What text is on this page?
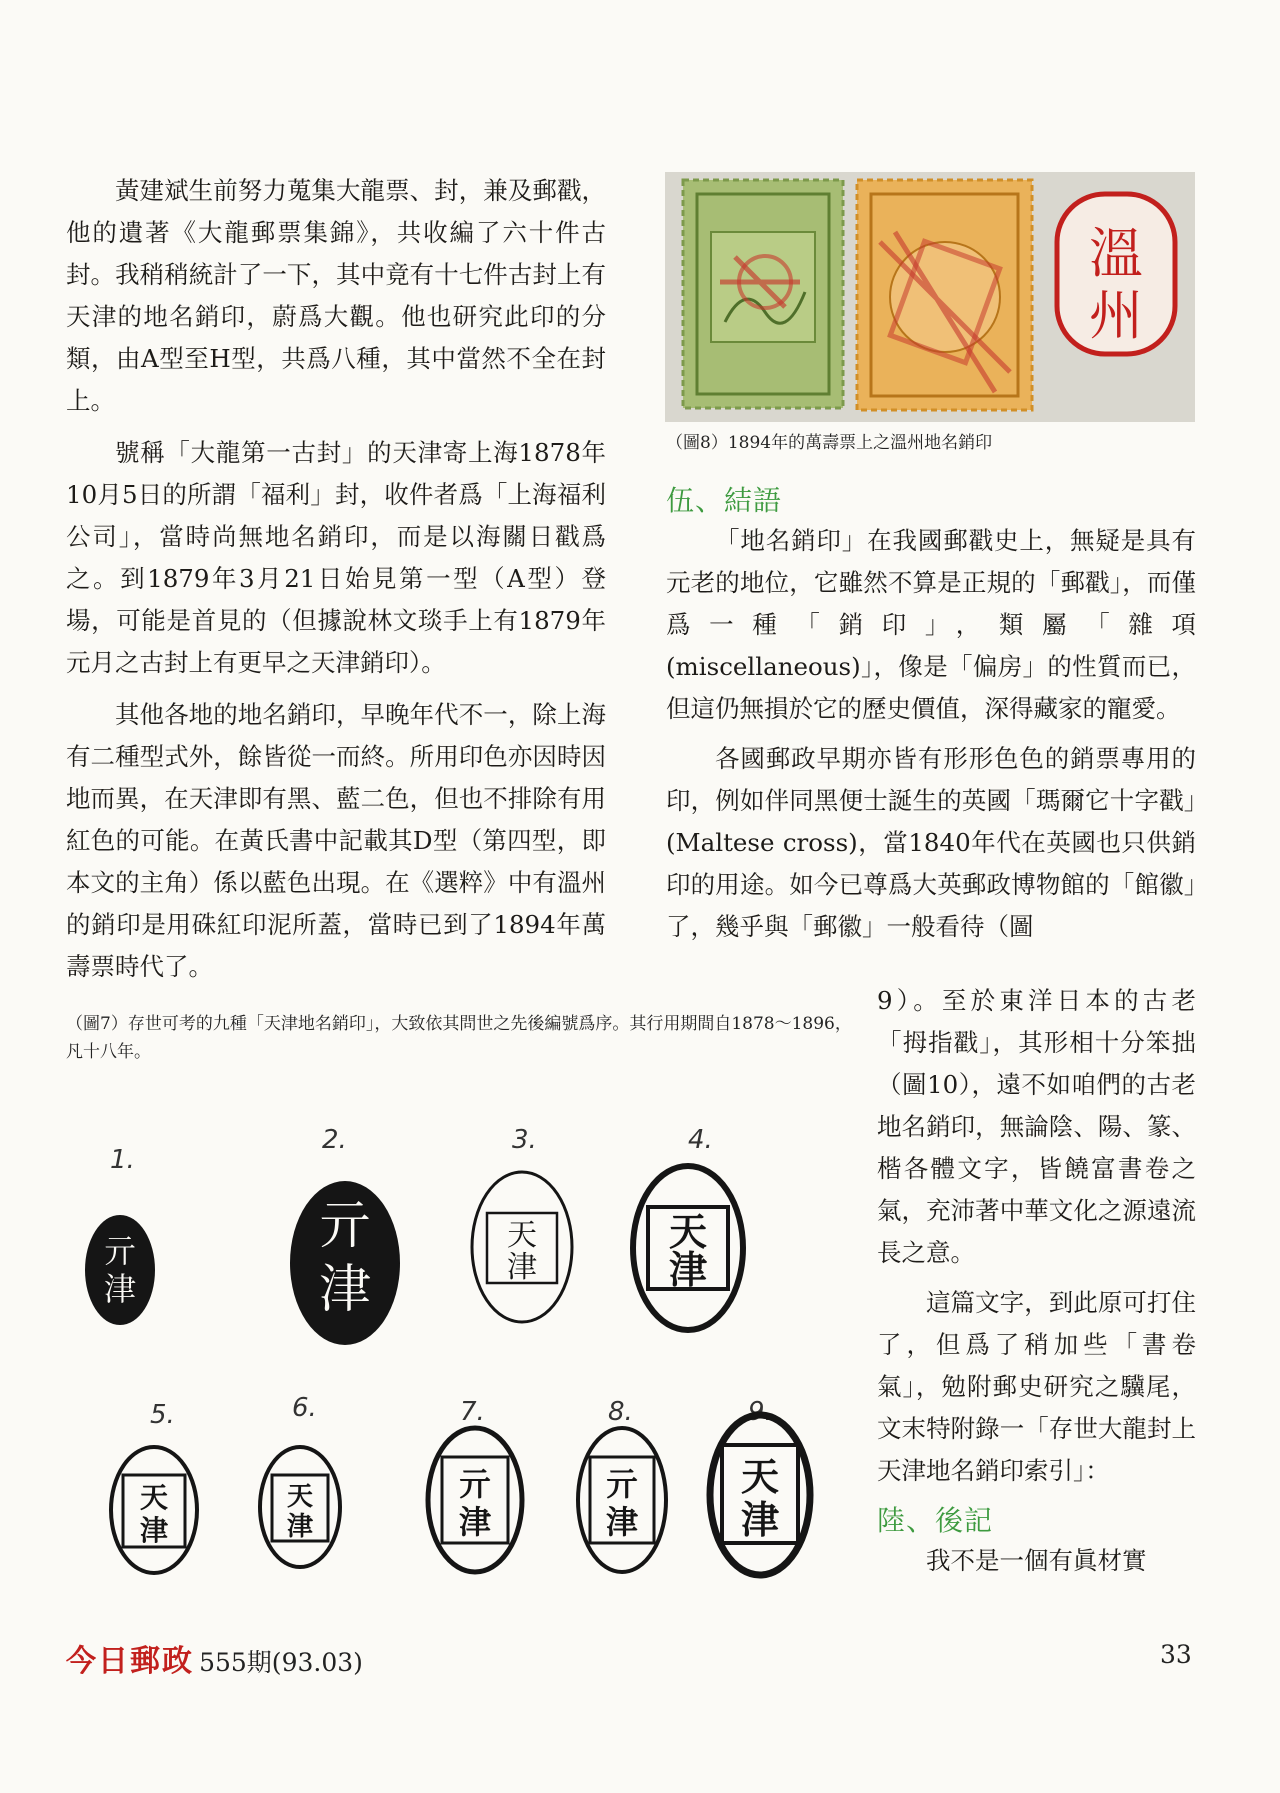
黃建斌生前努力蒐集大龍票、封，兼及郵戳，他的遺著《大龍郵票集錦》，共收編了六十件古封。我稍稍統計了一下，其中竟有十七件古封上有天津的地名銷印，蔚爲大觀。他也研究此印的分類，由A型至H型，共爲八種，其中當然不全在封上。

號稱「大龍第一古封」的天津寄上海1878年10月5日的所謂「福利」封，收件者爲「上海福利公司」，當時尚無地名銷印，而是以海關日戳爲之。到1879年3月21日始見第一型（A型）登場，可能是首見的（但據說林文琰手上有1879年元月之古封上有更早之天津銷印）。

其他各地的地名銷印，早晚年代不一，除上海有二種型式外，餘皆從一而終。所用印色亦因時因地而異，在天津即有黑、藍二色，但也不排除有用紅色的可能。在黃氏書中記載其D型（第四型，即本文的主角）係以藍色出現。在《選粹》中有溫州的銷印是用硃紅印泥所蓋，當時已到了1894年萬壽票時代了。

溫
州
（圖8）1894年的萬壽票上之溫州地名銷印
伍、結語

「地名銷印」在我國郵戳史上，無疑是具有元老的地位，它雖然不算是正規的「郵戳」，而僅爲一種「銷印」，類屬「雜項(miscellaneous)」，像是「偏房」的性質而已，但這仍無損於它的歷史價值，深得藏家的寵愛。

各國郵政早期亦皆有形形色色的銷票專用的印，例如伴同黑便士誕生的英國「瑪爾它十字戳」(Maltese cross)，當1840年代在英國也只供銷印的用途。如今已尊爲大英郵政博物館的「館徽」了，幾乎與「郵徽」一般看待（圖

9）。至於東洋日本的古老「拇指戳」，其形相十分笨拙（圖10），遠不如咱們的古老地名銷印，無論陰、陽、篆、楷各體文字，皆饒富書卷之氣，充沛著中華文化之源遠流長之意。

這篇文字，到此原可打住了，但爲了稍加些「書卷氣」，勉附郵史研究之驥尾，文末特附錄一「存世大龍封上天津地名銷印索引」：

陸、後記

我不是一個有眞材實

（圖7）存世可考的九種「天津地名銷印」，大致依其問世之先後編號爲序。其行用期間自1878～1896，凡十八年。
1.
2.	3.	4.
5.	6.	7.	8.	9.
亓
津
亓
津
天
津
天
津
天
津
天
津
亓
津
亓
津
天
津
今日郵政 555期(93.03)	33
